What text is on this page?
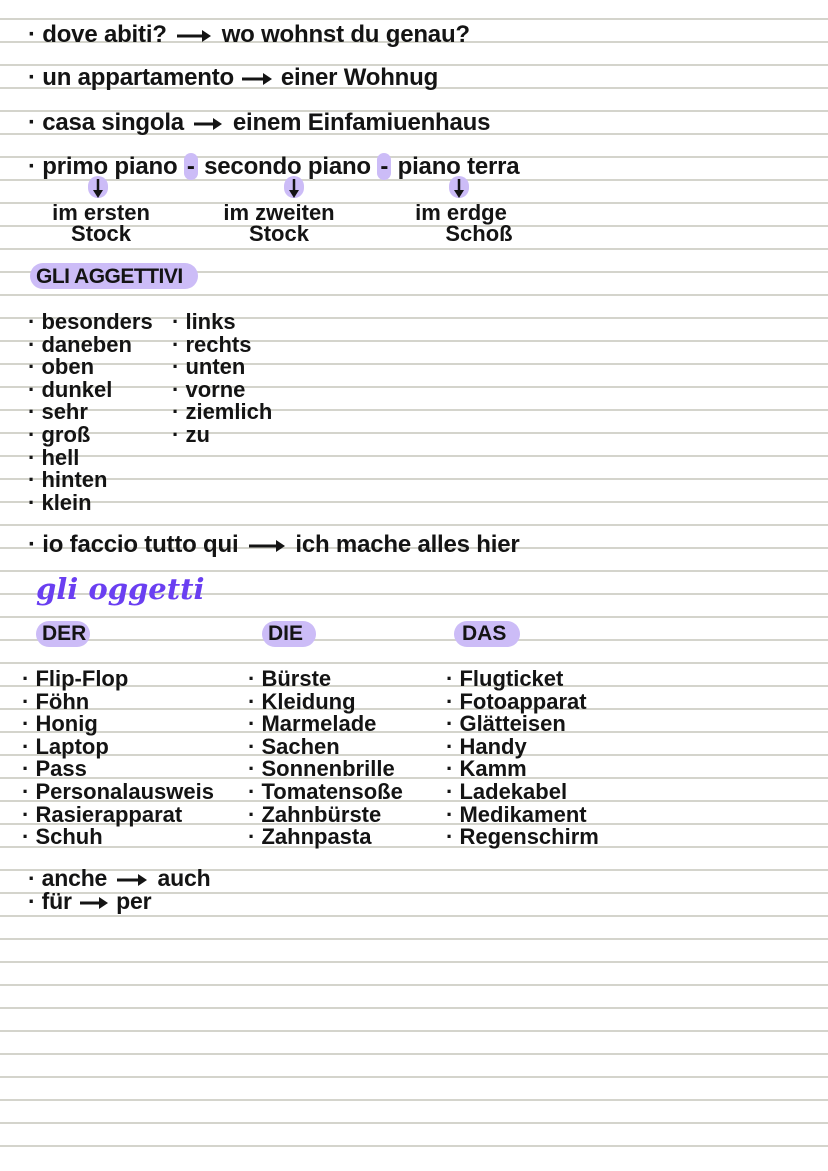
· dove abiti? wo wohnst du genau?
· un appartamento einer Wohnug
· casa singola einem Einfamiuenhaus
· primo piano - secondo piano - piano terra
im ersten
Stock
im zweiten
Stock
im erdge
Schoß
GLI AGGETTIVI
· besonders
· daneben
· oben
· dunkel
· sehr
· groß
· hell
· hinten
· klein
· links
· rechts
· unten
· vorne
· ziemlich
· zu
· io faccio tutto qui ich mache alles hier
gli oggetti
DER	DIE	DAS
· Flip-Flop
· Föhn
· Honig
· Laptop
· Pass
· Personalausweis
· Rasierapparat
· Schuh
· Bürste
· Kleidung
· Marmelade
· Sachen
· Sonnenbrille
· Tomatensoße
· Zahnbürste
· Zahnpasta
· Flugticket
· Fotoapparat
· Glätteisen
· Handy
· Kamm
· Ladekabel
· Medikament
· Regenschirm
· anche auch
· für per
